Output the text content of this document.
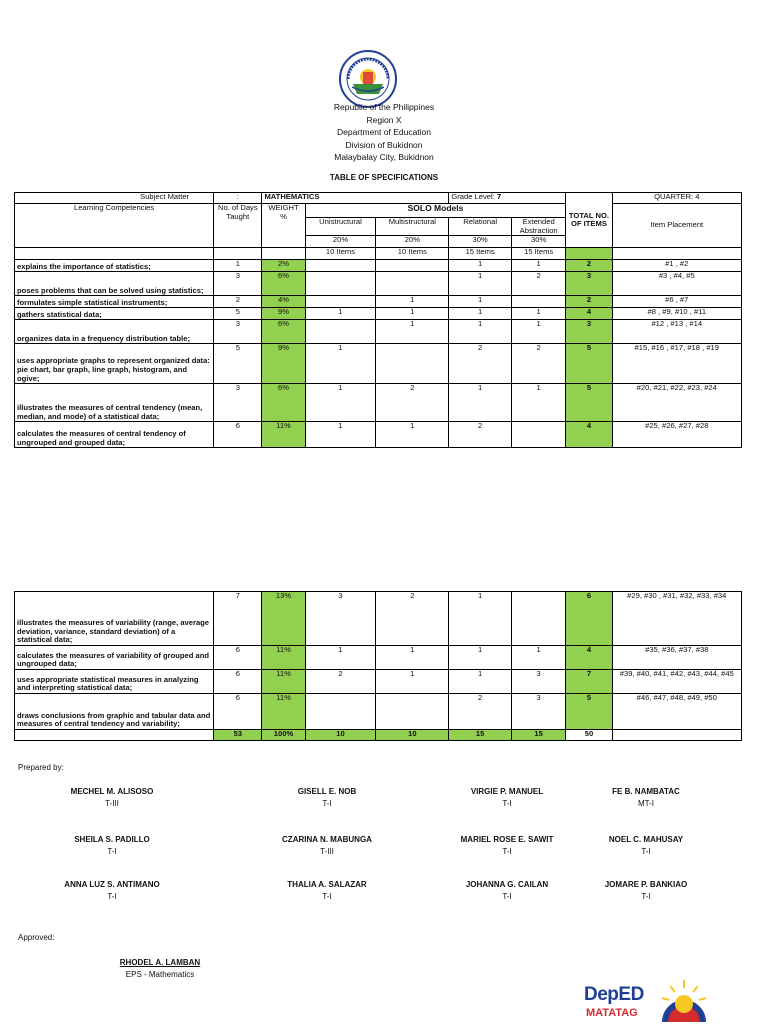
Republic of the Philippines
Region X
Department of Education
Division of Bukidnon
Malaybalay City, Bukidnon
TABLE OF SPECIFICATIONS
Subject Matter	:	MATHEMATICS			Grade Level: 7		TOTAL NO. OF ITEMS	QUARTER: 4
Learning Competencies	No. of Days Taught	WEIGHT %	SOLO Models					Item Placement
			Unistructural	Multistructural	Relational	Extended Abstraction		

			20%	20%	30%	30%		

			10 Items	10 Items	15 Items	15 Items		
explains the importance of statistics;	1	2%			1	1	2	#1 , #2
poses problems that can be solved using statistics;	3	6%			1	2	3	#3 , #4, #5
formulates simple statistical instruments;	2	4%		1	1		2	#6 , #7
gathers statistical data;	5	9%	1	1	1	1	4	#8 , #9, #10 , #11
organizes data in a frequency distribution table;	3	6%		1	1	1	3	#12 , #13 , #14
uses appropriate graphs to represent organized data: pie chart, bar graph, line graph, histogram, and ogive;	5	9%	1		2	2	5	#15, #16 , #17, #18 , #19
illustrates the measures of central tendency (mean, median, and mode) of a statistical data;	3	6%	1	2	1	1	5	#20, #21, #22, #23, #24
calculates the measures of central tendency of ungrouped and grouped data;	6	11%	1	1	2		4	#25, #26, #27, #28
illustrates the measures of variability (range, average deviation, variance, standard deviation) of a statistical data;	7	13%	3	2	1		6	#29, #30 , #31, #32, #33, #34
calculates the measures of variability of grouped and ungrouped data;	6	11%	1	1	1	1	4	#35, #36, #37, #38
uses appropriate statistical measures in analyzing and interpreting statistical data;	6	11%	2	1	1	3	7	#39, #40, #41, #42, #43, #44, #45
draws conclusions from graphic and tabular data and measures of central tendency and variability;	6	11%			2	3	5	#46, #47, #48, #49, #50
	53	100%	10	10	15	15	50	
Prepared by:
MECHEL M. ALISOSO
T-III
GISELL E. NOB
T-I
VIRGIE P. MANUEL
T-I
FE B. NAMBATAC
MT-I
SHEILA S. PADILLO
T-I
CZARINA N. MABUNGA
T-III
MARIEL ROSE E. SAWIT
T-I
NOEL C. MAHUSAY
T-I
ANNA LUZ S. ANTIMANO
T-I
THALIA A. SALAZAR
T-I
JOHANNA G. CAILAN
T-I
JOMARE P. BANKIAO
T-I
Approved:
RHODEL A. LAMBAN
EPS - Mathematics
DepED
MATATAG
